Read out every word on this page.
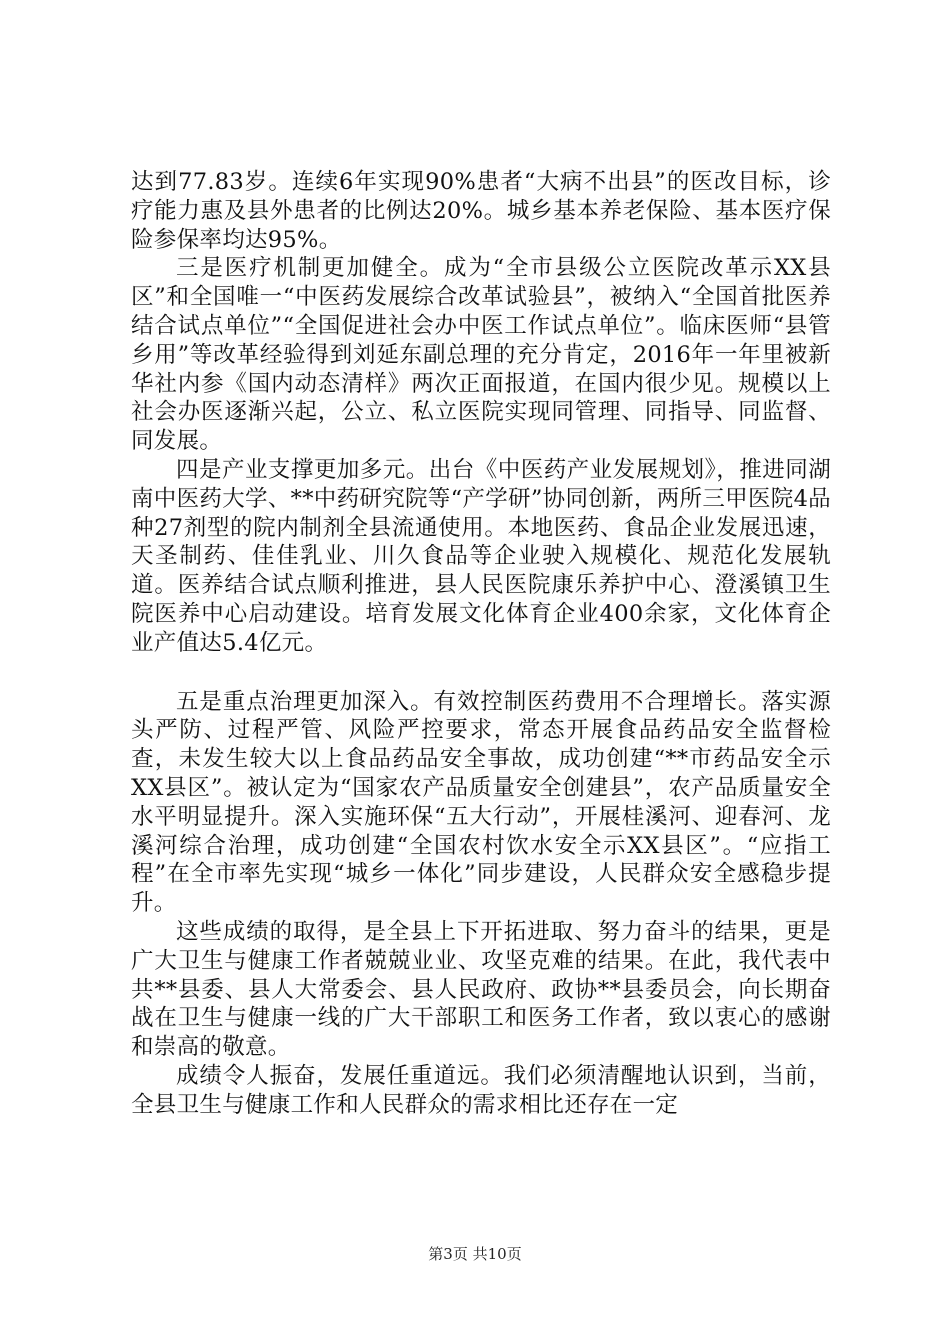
达到77.83岁。连续6年实现90%患者“大病不出县”的医改目标，诊疗能力惠及县外患者的比例达20%。城乡基本养老保险、基本医疗保险参保率均达95%。

三是医疗机制更加健全。成为“全市县级公立医院改革示XX县区”和全国唯一“中医药发展综合改革试验县”，被纳入“全国首批医养结合试点单位”“全国促进社会办中医工作试点单位”。临床医师“县管乡用”等改革经验得到刘延东副总理的充分肯定，2016年一年里被新华社内参《国内动态清样》两次正面报道，在国内很少见。规模以上社会办医逐渐兴起，公立、私立医院实现同管理、同指导、同监督、同发展。

四是产业支撑更加多元。出台《中医药产业发展规划》，推进同湖南中医药大学、**中药研究院等“产学研”协同创新，两所三甲医院4品种27剂型的院内制剂全县流通使用。本地医药、食品企业发展迅速，天圣制药、佳佳乳业、川久食品等企业驶入规模化、规范化发展轨道。医养结合试点顺利推进，县人民医院康乐养护中心、澄溪镇卫生院医养中心启动建设。培育发展文化体育企业400余家，文化体育企业产值达5.4亿元。

五是重点治理更加深入。有效控制医药费用不合理增长。落实源头严防、过程严管、风险严控要求，常态开展食品药品安全监督检查，未发生较大以上食品药品安全事故，成功创建“**市药品安全示XX县区”。被认定为“国家农产品质量安全创建县”，农产品质量安全水平明显提升。深入实施环保“五大行动”，开展桂溪河、迎春河、龙溪河综合治理，成功创建“全国农村饮水安全示XX县区”。“应指工程”在全市率先实现“城乡一体化”同步建设，人民群众安全感稳步提升。

这些成绩的取得，是全县上下开拓进取、努力奋斗的结果，更是广大卫生与健康工作者兢兢业业、攻坚克难的结果。在此，我代表中共**县委、县人大常委会、县人民政府、政协**县委员会，向长期奋战在卫生与健康一线的广大干部职工和医务工作者，致以衷心的感谢和崇高的敬意。

成绩令人振奋，发展任重道远。我们必须清醒地认识到，当前，全县卫生与健康工作和人民群众的需求相比还存在一定

第3页 共10页
